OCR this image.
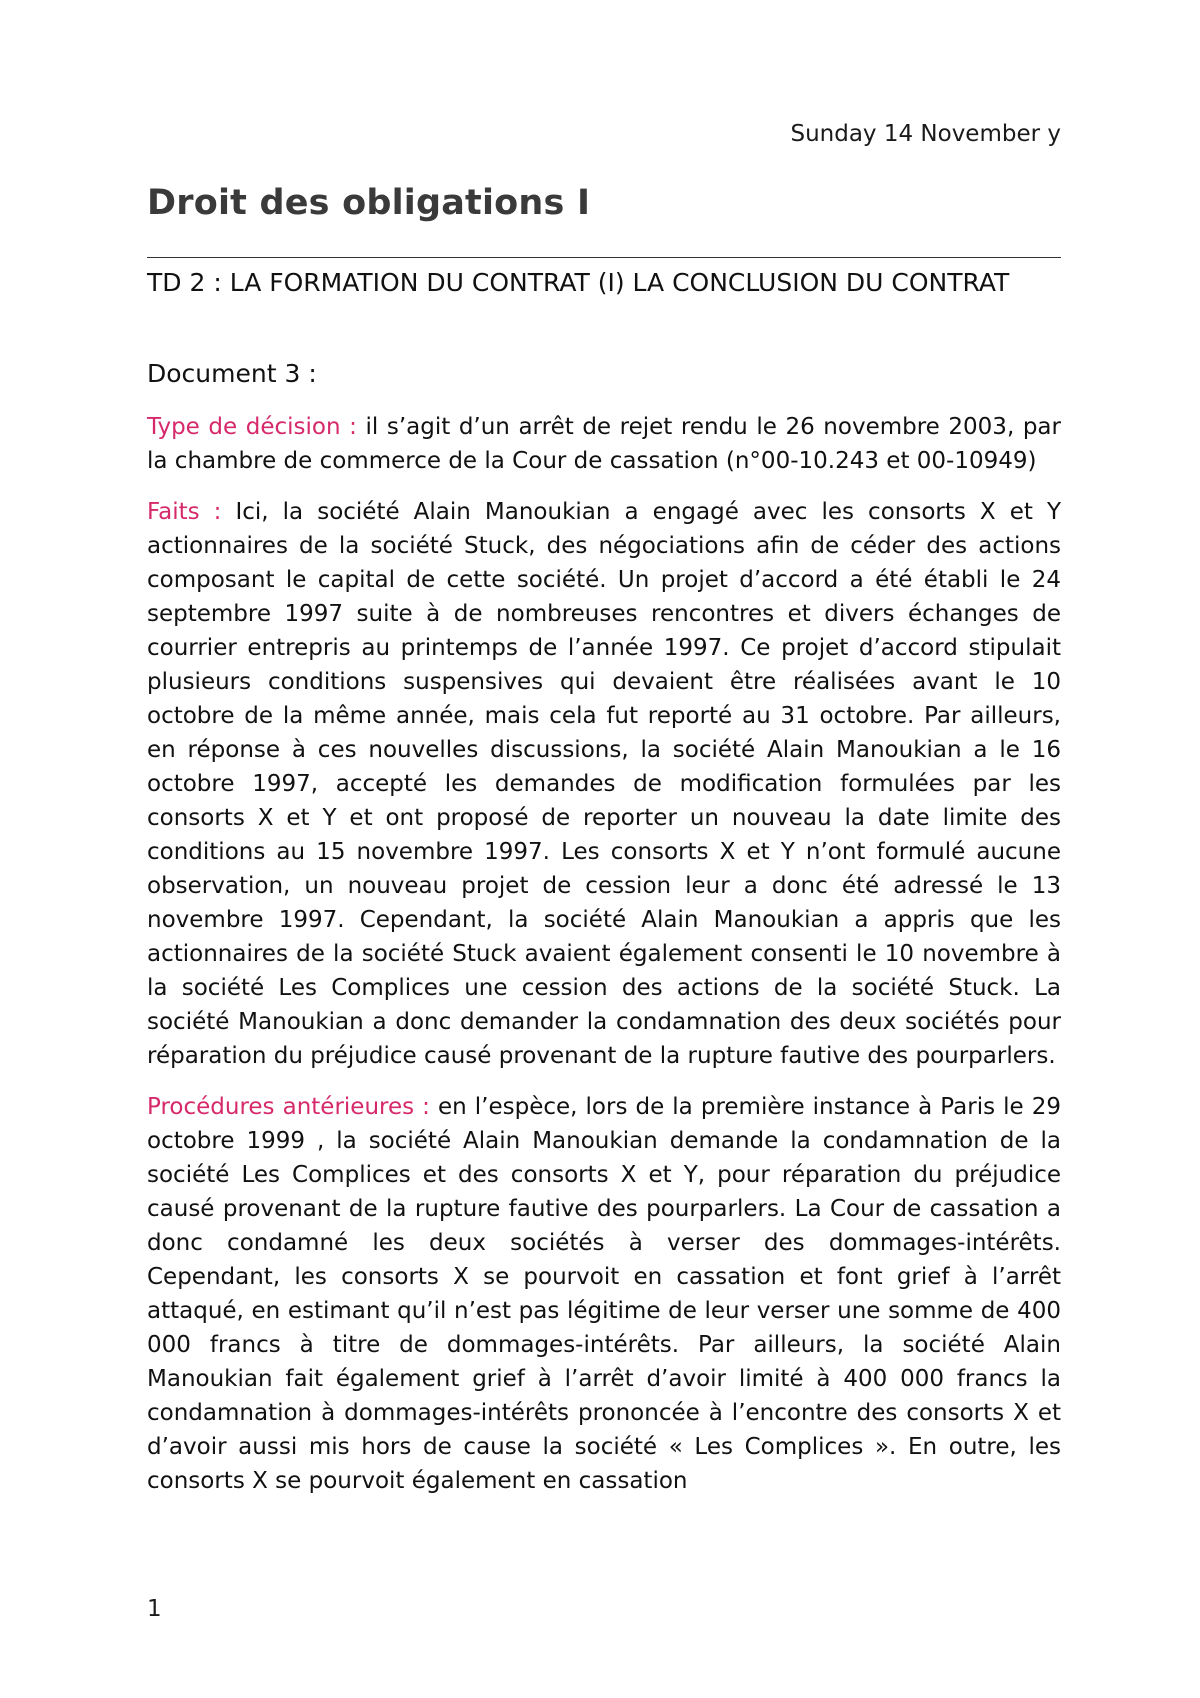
Sunday 14 November y
Droit des obligations I
TD 2 : LA FORMATION DU CONTRAT (I) LA CONCLUSION DU CONTRAT
Document 3 :

Type de décision : il s’agit d’un arrêt de rejet rendu le 26 novembre 2003, par la chambre de commerce de la Cour de cassation (n°00-10.243 et 00-10949)

Faits : Ici, la société Alain Manoukian a engagé avec les consorts X et Y actionnaires de la société Stuck, des négociations afin de céder des actions composant le capital de cette société. Un projet d’accord a été établi le 24 septembre 1997 suite à de nombreuses rencontres et divers échanges de courrier entrepris au printemps de l’année 1997. Ce projet d’accord stipulait plusieurs conditions suspensives qui devaient être réalisées avant le 10 octobre de la même année, mais cela fut reporté au 31 octobre. Par ailleurs, en réponse à ces nouvelles discussions, la société Alain Manoukian a le 16 octobre 1997, accepté les demandes de modification formulées par les consorts X et Y et ont proposé de reporter un nouveau la date limite des conditions au 15 novembre 1997. Les consorts X et Y n’ont formulé aucune observation, un nouveau projet de cession leur a donc été adressé le 13 novembre 1997. Cependant, la société Alain Manoukian a appris que les actionnaires de la société Stuck avaient également consenti le 10 novembre à la société Les Complices une cession des actions de la société Stuck. La société Manoukian a donc demander la condamnation des deux sociétés pour réparation du préjudice causé provenant de la rupture fautive des pourparlers.

Procédures antérieures : en l’espèce, lors de la première instance à Paris le 29 octobre 1999 , la société Alain Manoukian demande la condamnation de la société Les Complices et des consorts X et Y, pour réparation du préjudice causé provenant de la rupture fautive des pourparlers. La Cour de cassation a donc condamné les deux sociétés à verser des dommages-intérêts. Cependant, les consorts X se pourvoit en cassation et font grief à l’arrêt attaqué, en estimant qu’il n’est pas légitime de leur verser une somme de 400 000 francs à titre de dommages-intérêts. Par ailleurs, la société Alain Manoukian fait également grief à l’arrêt d’avoir limité à 400 000 francs la condamnation à dommages-intérêts prononcée à l’encontre des consorts X et d’avoir aussi mis hors de cause la société « Les Complices ». En outre, les consorts X se pourvoit également en cassation

1
